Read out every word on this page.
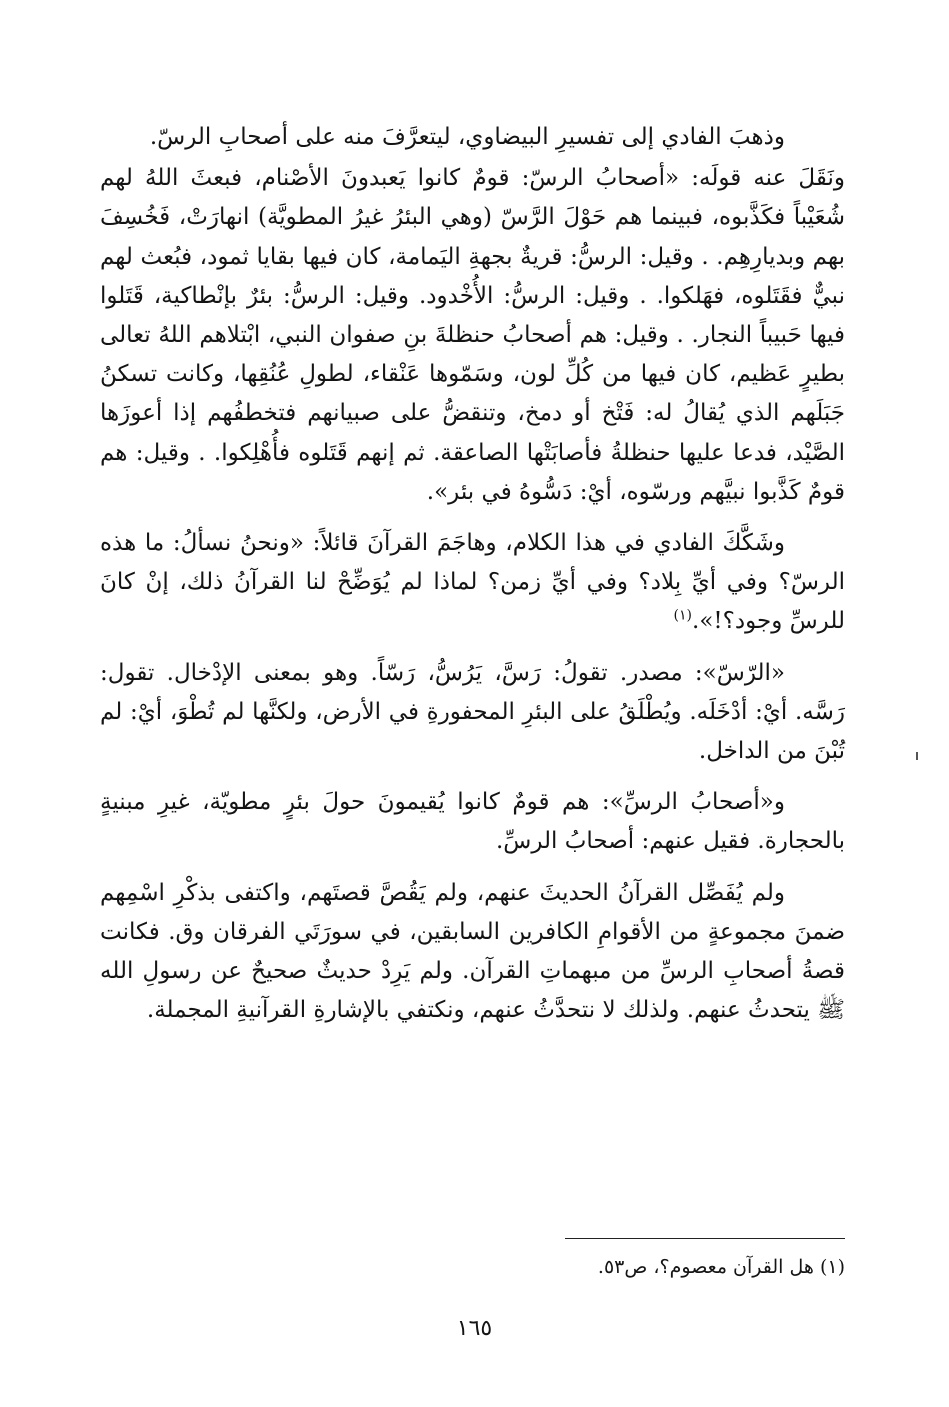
وذهبَ الفادي إلى تفسيرِ البيضاوي، ليتعرَّفَ منه على أصحابِ الرسّ.

ونَقَلَ عنه قولَه: «أصحابُ الرسّ: قومٌ كانوا يَعبدونَ الأصْنام، فبعثَ اللهُ لهم شُعَيْباً فكَذَّبوه، فبينما هم حَوْلَ الرَّسّ (وهي البئرُ غيرُ المطويَّة) انهارَتْ، فَخُسِفَ بهم وبديارِهِم. . وقيل: الرسُّ: قريةٌ بجهةِ اليَمامة، كان فيها بقايا ثمود، فبُعث لهم نبيٌّ فقَتَلوه، فهَلكوا. . وقيل: الرسُّ: الأُخْدود. وقيل: الرسُّ: بئرٌ بإنْطاكية، قَتَلوا فيها حَبيباً النجار. . وقيل: هم أصحابُ حنظلةَ بنِ صفوان النبي، ابْتلاهم اللهُ تعالى بطيرٍ عَظيم، كان فيها من كُلِّ لون، وسَمّوها عَنْقاء، لطولِ عُنُقِها، وكانت تسكنُ جَبَلَهم الذي يُقالُ له: فَتْخ أو دمخ، وتنقضُّ على صبيانهم فتخطفُهم إذا أعوزَها الصَّيْد، فدعا عليها حنظلةُ فأصابَتْها الصاعقة. ثم إنهم قَتَلوه فأُهْلِكوا. . وقيل: هم قومٌ كَذَّبوا نبيَّهم ورسّوه، أيْ: دَسُّوهُ في بئر».

وشَكَّكَ الفادي في هذا الكلام، وهاجَمَ القرآنَ قائلاً: «ونحنُ نسألُ: ما هذه الرسّ؟ وفي أيِّ بِلاد؟ وفي أيِّ زمن؟ لماذا لم يُوَضِّحْ لنا القرآنُ ذلك، إنْ كانَ للرسِّ وجود؟!».$^{(١)}$

«الرّسّ»: مصدر. تقولُ: رَسَّ، يَرُسُّ، رَسّاً. وهو بمعنى الإدْخال. تقول: رَسَّه. أيْ: أدْخَلَه. ويُطْلَقُ على البئرِ المحفورةِ في الأرض، ولكنَّها لم تُطْوَ، أيْ: لم تُبْنَ من الداخل.

و«أصحابُ الرسِّ»: هم قومٌ كانوا يُقيمونَ حولَ بئرٍ مطويّة، غيرِ مبنيةٍ بالحجارة. فقيل عنهم: أصحابُ الرسِّ.

ولم يُفَصِّل القرآنُ الحديثَ عنهم، ولم يَقُصَّ قصتَهم، واكتفى بذكْرِ اسْمِهم ضمنَ مجموعةٍ من الأقوامِ الكافرين السابقين، في سورَتَي الفرقان وق. فكانت قصةُ أصحابِ الرسِّ من مبهماتِ القرآن. ولم يَرِدْ حديثٌ صحيحٌ عن رسولِ الله ﷺ يتحدثُ عنهم. ولذلك لا نتحدَّثُ عنهم، ونكتفي بالإشارةِ القرآنيةِ المجملة.

(١) هل القرآن معصوم؟، ص٥٣.
١٦٥
